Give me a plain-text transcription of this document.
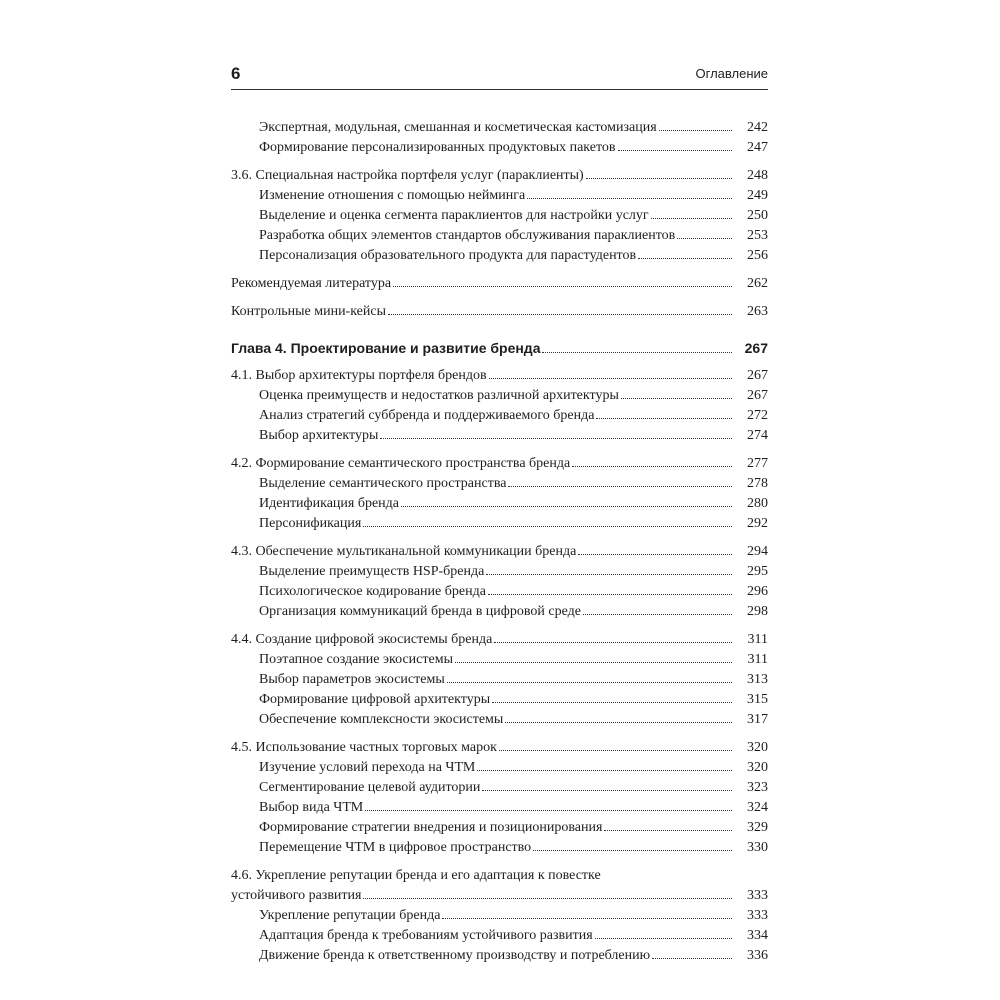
6	Оглавление
Экспертная, модульная, смешанная и косметическая кастомизация	242
Формирование персонализированных продуктовых пакетов	247
3.6. Специальная настройка портфеля услуг (параклиенты)	248
Изменение отношения с помощью нейминга	249
Выделение и оценка сегмента параклиентов для настройки услуг	250
Разработка общих элементов стандартов обслуживания параклиентов	253
Персонализация образовательного продукта для парастудентов	256
Рекомендуемая литература	262
Контрольные мини-кейсы	263
Глава 4. Проектирование и развитие бренда	267
4.1. Выбор архитектуры портфеля брендов	267
Оценка преимуществ и недостатков различной архитектуры	267
Анализ стратегий суббренда и поддерживаемого бренда	272
Выбор архитектуры	274
4.2. Формирование семантического пространства бренда	277
Выделение семантического пространства	278
Идентификация бренда	280
Персонификация	292
4.3. Обеспечение мультиканальной коммуникации бренда	294
Выделение преимуществ HSP-бренда	295
Психологическое кодирование бренда	296
Организация коммуникаций бренда в цифровой среде	298
4.4. Создание цифровой экосистемы бренда	311
Поэтапное создание экосистемы	311
Выбор параметров экосистемы	313
Формирование цифровой архитектуры	315
Обеспечение комплексности экосистемы	317
4.5. Использование частных торговых марок	320
Изучение условий перехода на ЧТМ	320
Сегментирование целевой аудитории	323
Выбор вида ЧТМ	324
Формирование стратегии внедрения и позиционирования	329
Перемещение ЧТМ в цифровое пространство	330
4.6. Укрепление репутации бренда и его адаптация к повестке
устойчивого развития	333
Укрепление репутации бренда	333
Адаптация бренда к требованиям устойчивого развития	334
Движение бренда к ответственному производству и потреблению	336
